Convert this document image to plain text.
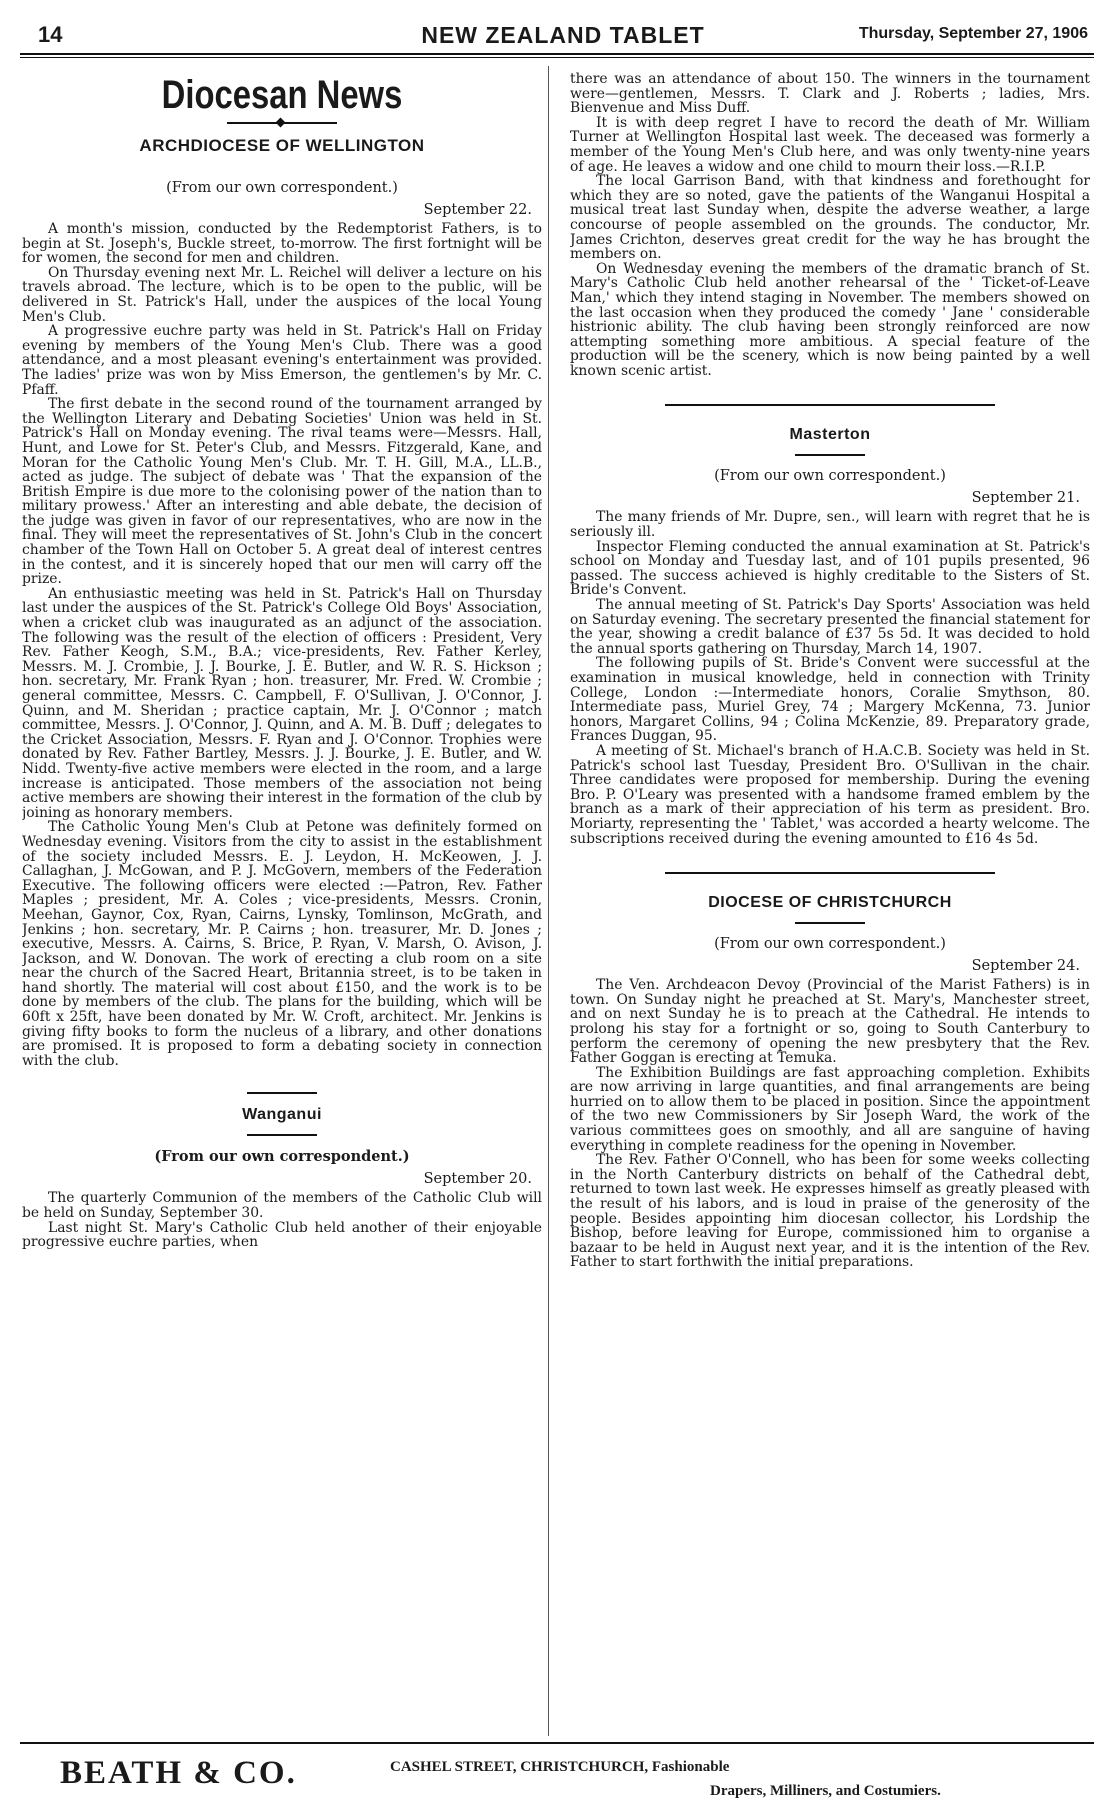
14	NEW ZEALAND TABLET	Thursday, September 27, 1906
Diocesan News
ARCHDIOCESE OF WELLINGTON
(From our own correspondent.)
September 22.

A month's mission, conducted by the Redemptorist Fathers, is to begin at St. Joseph's, Buckle street, to-morrow. The first fortnight will be for women, the second for men and children.

On Thursday evening next Mr. L. Reichel will deliver a lecture on his travels abroad. The lecture, which is to be open to the public, will be delivered in St. Patrick's Hall, under the auspices of the local Young Men's Club.

A progressive euchre party was held in St. Patrick's Hall on Friday evening by members of the Young Men's Club. There was a good attendance, and a most pleasant evening's entertainment was provided. The ladies' prize was won by Miss Emerson, the gentlemen's by Mr. C. Pfaff.

The first debate in the second round of the tournament arranged by the Wellington Literary and Debating Societies' Union was held in St. Patrick's Hall on Monday evening. The rival teams were—Messrs. Hall, Hunt, and Lowe for St. Peter's Club, and Messrs. Fitzgerald, Kane, and Moran for the Catholic Young Men's Club. Mr. T. H. Gill, M.A., LL.B., acted as judge. The subject of debate was ' That the expansion of the British Empire is due more to the colonising power of the nation than to military prowess.' After an interesting and able debate, the decision of the judge was given in favor of our representatives, who are now in the final. They will meet the representatives of St. John's Club in the concert chamber of the Town Hall on October 5. A great deal of interest centres in the contest, and it is sincerely hoped that our men will carry off the prize.

An enthusiastic meeting was held in St. Patrick's Hall on Thursday last under the auspices of the St. Patrick's College Old Boys' Association, when a cricket club was inaugurated as an adjunct of the association. The following was the result of the election of officers : President, Very Rev. Father Keogh, S.M., B.A.; vice-presidents, Rev. Father Kerley, Messrs. M. J. Crombie, J. J. Bourke, J. E. Butler, and W. R. S. Hickson ; hon. secretary, Mr. Frank Ryan ; hon. treasurer, Mr. Fred. W. Crombie ; general committee, Messrs. C. Campbell, F. O'Sullivan, J. O'Connor, J. Quinn, and M. Sheridan ; practice captain, Mr. J. O'Connor ; match committee, Messrs. J. O'Connor, J. Quinn, and A. M. B. Duff ; delegates to the Cricket Association, Messrs. F. Ryan and J. O'Connor. Trophies were donated by Rev. Father Bartley, Messrs. J. J. Bourke, J. E. Butler, and W. Nidd. Twenty-five active members were elected in the room, and a large increase is anticipated. Those members of the association not being active members are showing their interest in the formation of the club by joining as honorary members.

The Catholic Young Men's Club at Petone was definitely formed on Wednesday evening. Visitors from the city to assist in the establishment of the society included Messrs. E. J. Leydon, H. McKeowen, J. J. Callaghan, J. McGowan, and P. J. McGovern, members of the Federation Executive. The following officers were elected :—Patron, Rev. Father Maples ; president, Mr. A. Coles ; vice-presidents, Messrs. Cronin, Meehan, Gaynor, Cox, Ryan, Cairns, Lynsky, Tomlinson, McGrath, and Jenkins ; hon. secretary, Mr. P. Cairns ; hon. treasurer, Mr. D. Jones ; executive, Messrs. A. Cairns, S. Brice, P. Ryan, V. Marsh, O. Avison, J. Jackson, and W. Donovan. The work of erecting a club room on a site near the church of the Sacred Heart, Britannia street, is to be taken in hand shortly. The material will cost about £150, and the work is to be done by members of the club. The plans for the building, which will be 60ft x 25ft, have been donated by Mr. W. Croft, architect. Mr. Jenkins is giving fifty books to form the nucleus of a library, and other donations are promised. It is proposed to form a debating society in connection with the club.

Wanganui
(From our own correspondent.)
September 20.

The quarterly Communion of the members of the Catholic Club will be held on Sunday, September 30.

Last night St. Mary's Catholic Club held another of their enjoyable progressive euchre parties, when

there was an attendance of about 150. The winners in the tournament were—gentlemen, Messrs. T. Clark and J. Roberts ; ladies, Mrs. Bienvenue and Miss Duff.

It is with deep regret I have to record the death of Mr. William Turner at Wellington Hospital last week. The deceased was formerly a member of the Young Men's Club here, and was only twenty-nine years of age. He leaves a widow and one child to mourn their loss.—R.I.P.

The local Garrison Band, with that kindness and forethought for which they are so noted, gave the patients of the Wanganui Hospital a musical treat last Sunday when, despite the adverse weather, a large concourse of people assembled on the grounds. The conductor, Mr. James Crichton, deserves great credit for the way he has brought the members on.

On Wednesday evening the members of the dramatic branch of St. Mary's Catholic Club held another rehearsal of the ' Ticket-of-Leave Man,' which they intend staging in November. The members showed on the last occasion when they produced the comedy ' Jane ' considerable histrionic ability. The club having been strongly reinforced are now attempting something more ambitious. A special feature of the production will be the scenery, which is now being painted by a well known scenic artist.

Masterton
(From our own correspondent.)
September 21.

The many friends of Mr. Dupre, sen., will learn with regret that he is seriously ill.

Inspector Fleming conducted the annual examination at St. Patrick's school on Monday and Tuesday last, and of 101 pupils presented, 96 passed. The success achieved is highly creditable to the Sisters of St. Bride's Convent.

The annual meeting of St. Patrick's Day Sports' Association was held on Saturday evening. The secretary presented the financial statement for the year, showing a credit balance of £37 5s 5d. It was decided to hold the annual sports gathering on Thursday, March 14, 1907.

The following pupils of St. Bride's Convent were successful at the examination in musical knowledge, held in connection with Trinity College, London :—Intermediate honors, Coralie Smythson, 80. Intermediate pass, Muriel Grey, 74 ; Margery McKenna, 73. Junior honors, Margaret Collins, 94 ; Colina McKenzie, 89. Preparatory grade, Frances Duggan, 95.

A meeting of St. Michael's branch of H.A.C.B. Society was held in St. Patrick's school last Tuesday, President Bro. O'Sullivan in the chair. Three candidates were proposed for membership. During the evening Bro. P. O'Leary was presented with a handsome framed emblem by the branch as a mark of their appreciation of his term as president. Bro. Moriarty, representing the ' Tablet,' was accorded a hearty welcome. The subscriptions received during the evening amounted to £16 4s 5d.

DIOCESE OF CHRISTCHURCH
(From our own correspondent.)
September 24.

The Ven. Archdeacon Devoy (Provincial of the Marist Fathers) is in town. On Sunday night he preached at St. Mary's, Manchester street, and on next Sunday he is to preach at the Cathedral. He intends to prolong his stay for a fortnight or so, going to South Canterbury to perform the ceremony of opening the new presbytery that the Rev. Father Goggan is erecting at Temuka.

The Exhibition Buildings are fast approaching completion. Exhibits are now arriving in large quantities, and final arrangements are being hurried on to allow them to be placed in position. Since the appointment of the two new Commissioners by Sir Joseph Ward, the work of the various committees goes on smoothly, and all are sanguine of having everything in complete readiness for the opening in November.

The Rev. Father O'Connell, who has been for some weeks collecting in the North Canterbury districts on behalf of the Cathedral debt, returned to town last week. He expresses himself as greatly pleased with the result of his labors, and is loud in praise of the generosity of the people. Besides appointing him diocesan collector, his Lordship the Bishop, before leaving for Europe, commissioned him to organise a bazaar to be held in August next year, and it is the intention of the Rev. Father to start forthwith the initial preparations.

BEATH & CO.	CASHEL STREET, CHRISTCHURCH, Fashionable
Drapers, Milliners, and Costumiers.
